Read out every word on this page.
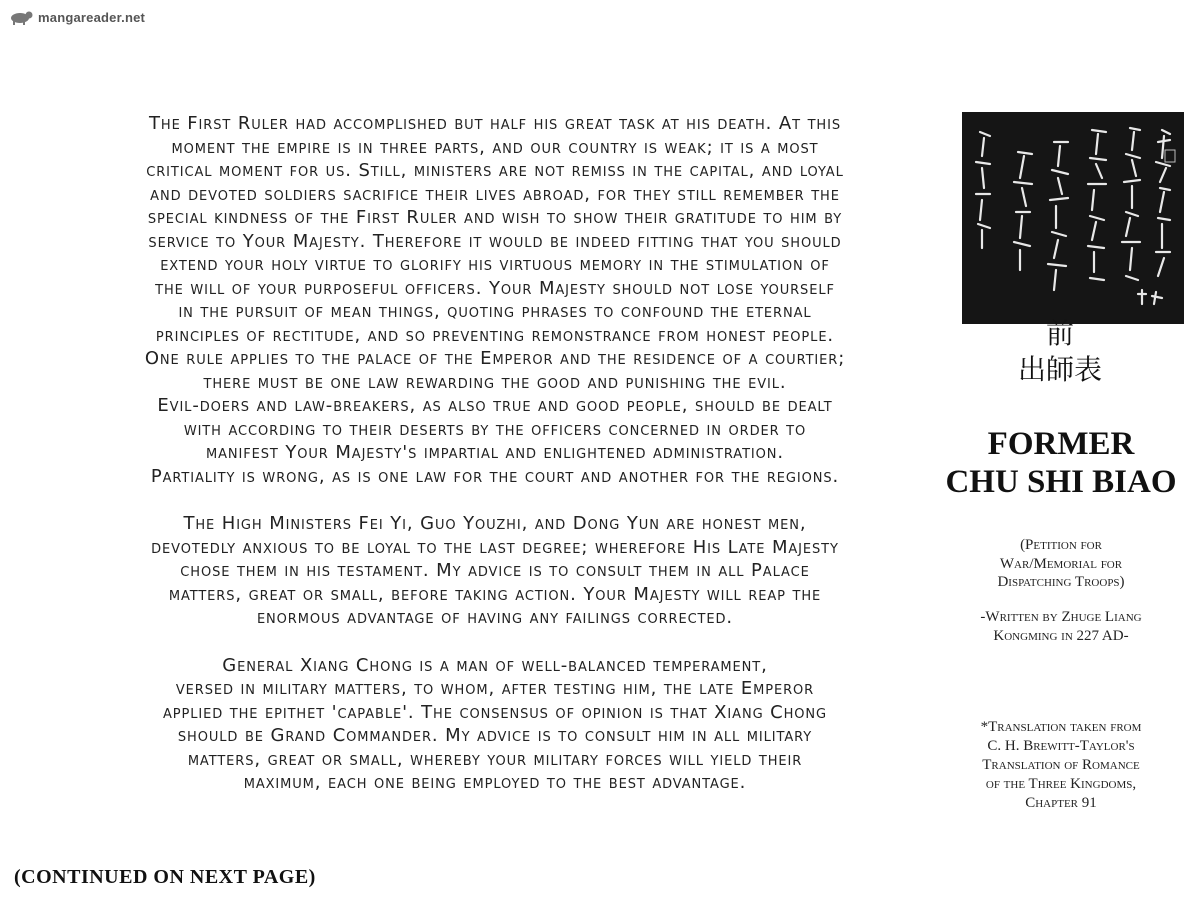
mangareader.net

The First Ruler had accomplished but half his great task at his death. At this
moment the empire is in three parts, and our country is weak; it is a most
critical moment for us. Still, ministers are not remiss in the capital, and loyal
and devoted soldiers sacrifice their lives abroad, for they still remember the
special kindness of the First Ruler and wish to show their gratitude to him by
service to Your Majesty. Therefore it would be indeed fitting that you should
extend your holy virtue to glorify his virtuous memory in the stimulation of
the will of your purposeful officers. Your Majesty should not lose yourself
in the pursuit of mean things, quoting phrases to confound the eternal
principles of rectitude, and so preventing remonstrance from honest people.
One rule applies to the palace of the Emperor and the residence of a courtier;
there must be one law rewarding the good and punishing the evil.
Evil-doers and law-breakers, as also true and good people, should be dealt
with according to their deserts by the officers concerned in order to
manifest Your Majesty's impartial and enlightened administration.
Partiality is wrong, as is one law for the court and another for the regions.

The High Ministers Fei Yi, Guo Youzhi, and Dong Yun are honest men,
devotedly anxious to be loyal to the last degree; wherefore His Late Majesty
chose them in his testament. My advice is to consult them in all Palace
matters, great or small, before taking action. Your Majesty will reap the
enormous advantage of having any failings corrected.

General Xiang Chong is a man of well-balanced temperament,
versed in military matters, to whom, after testing him, the late Emperor
applied the epithet 'capable'. The consensus of opinion is that Xiang Chong
should be Grand Commander. My advice is to consult him in all military
matters, great or small, whereby your military forces will yield their
maximum, each one being employed to the best advantage.

前
出師表
FORMER
CHU SHI BIAO
(Petition for
War/Memorial for
Dispatching Troops)
-Written by Zhuge Liang
Kongming in 227 AD-
*Translation taken from
C. H. Brewitt-Taylor's
Translation of Romance
of the Three Kingdoms,
Chapter 91
(CONTINUED ON NEXT PAGE)
